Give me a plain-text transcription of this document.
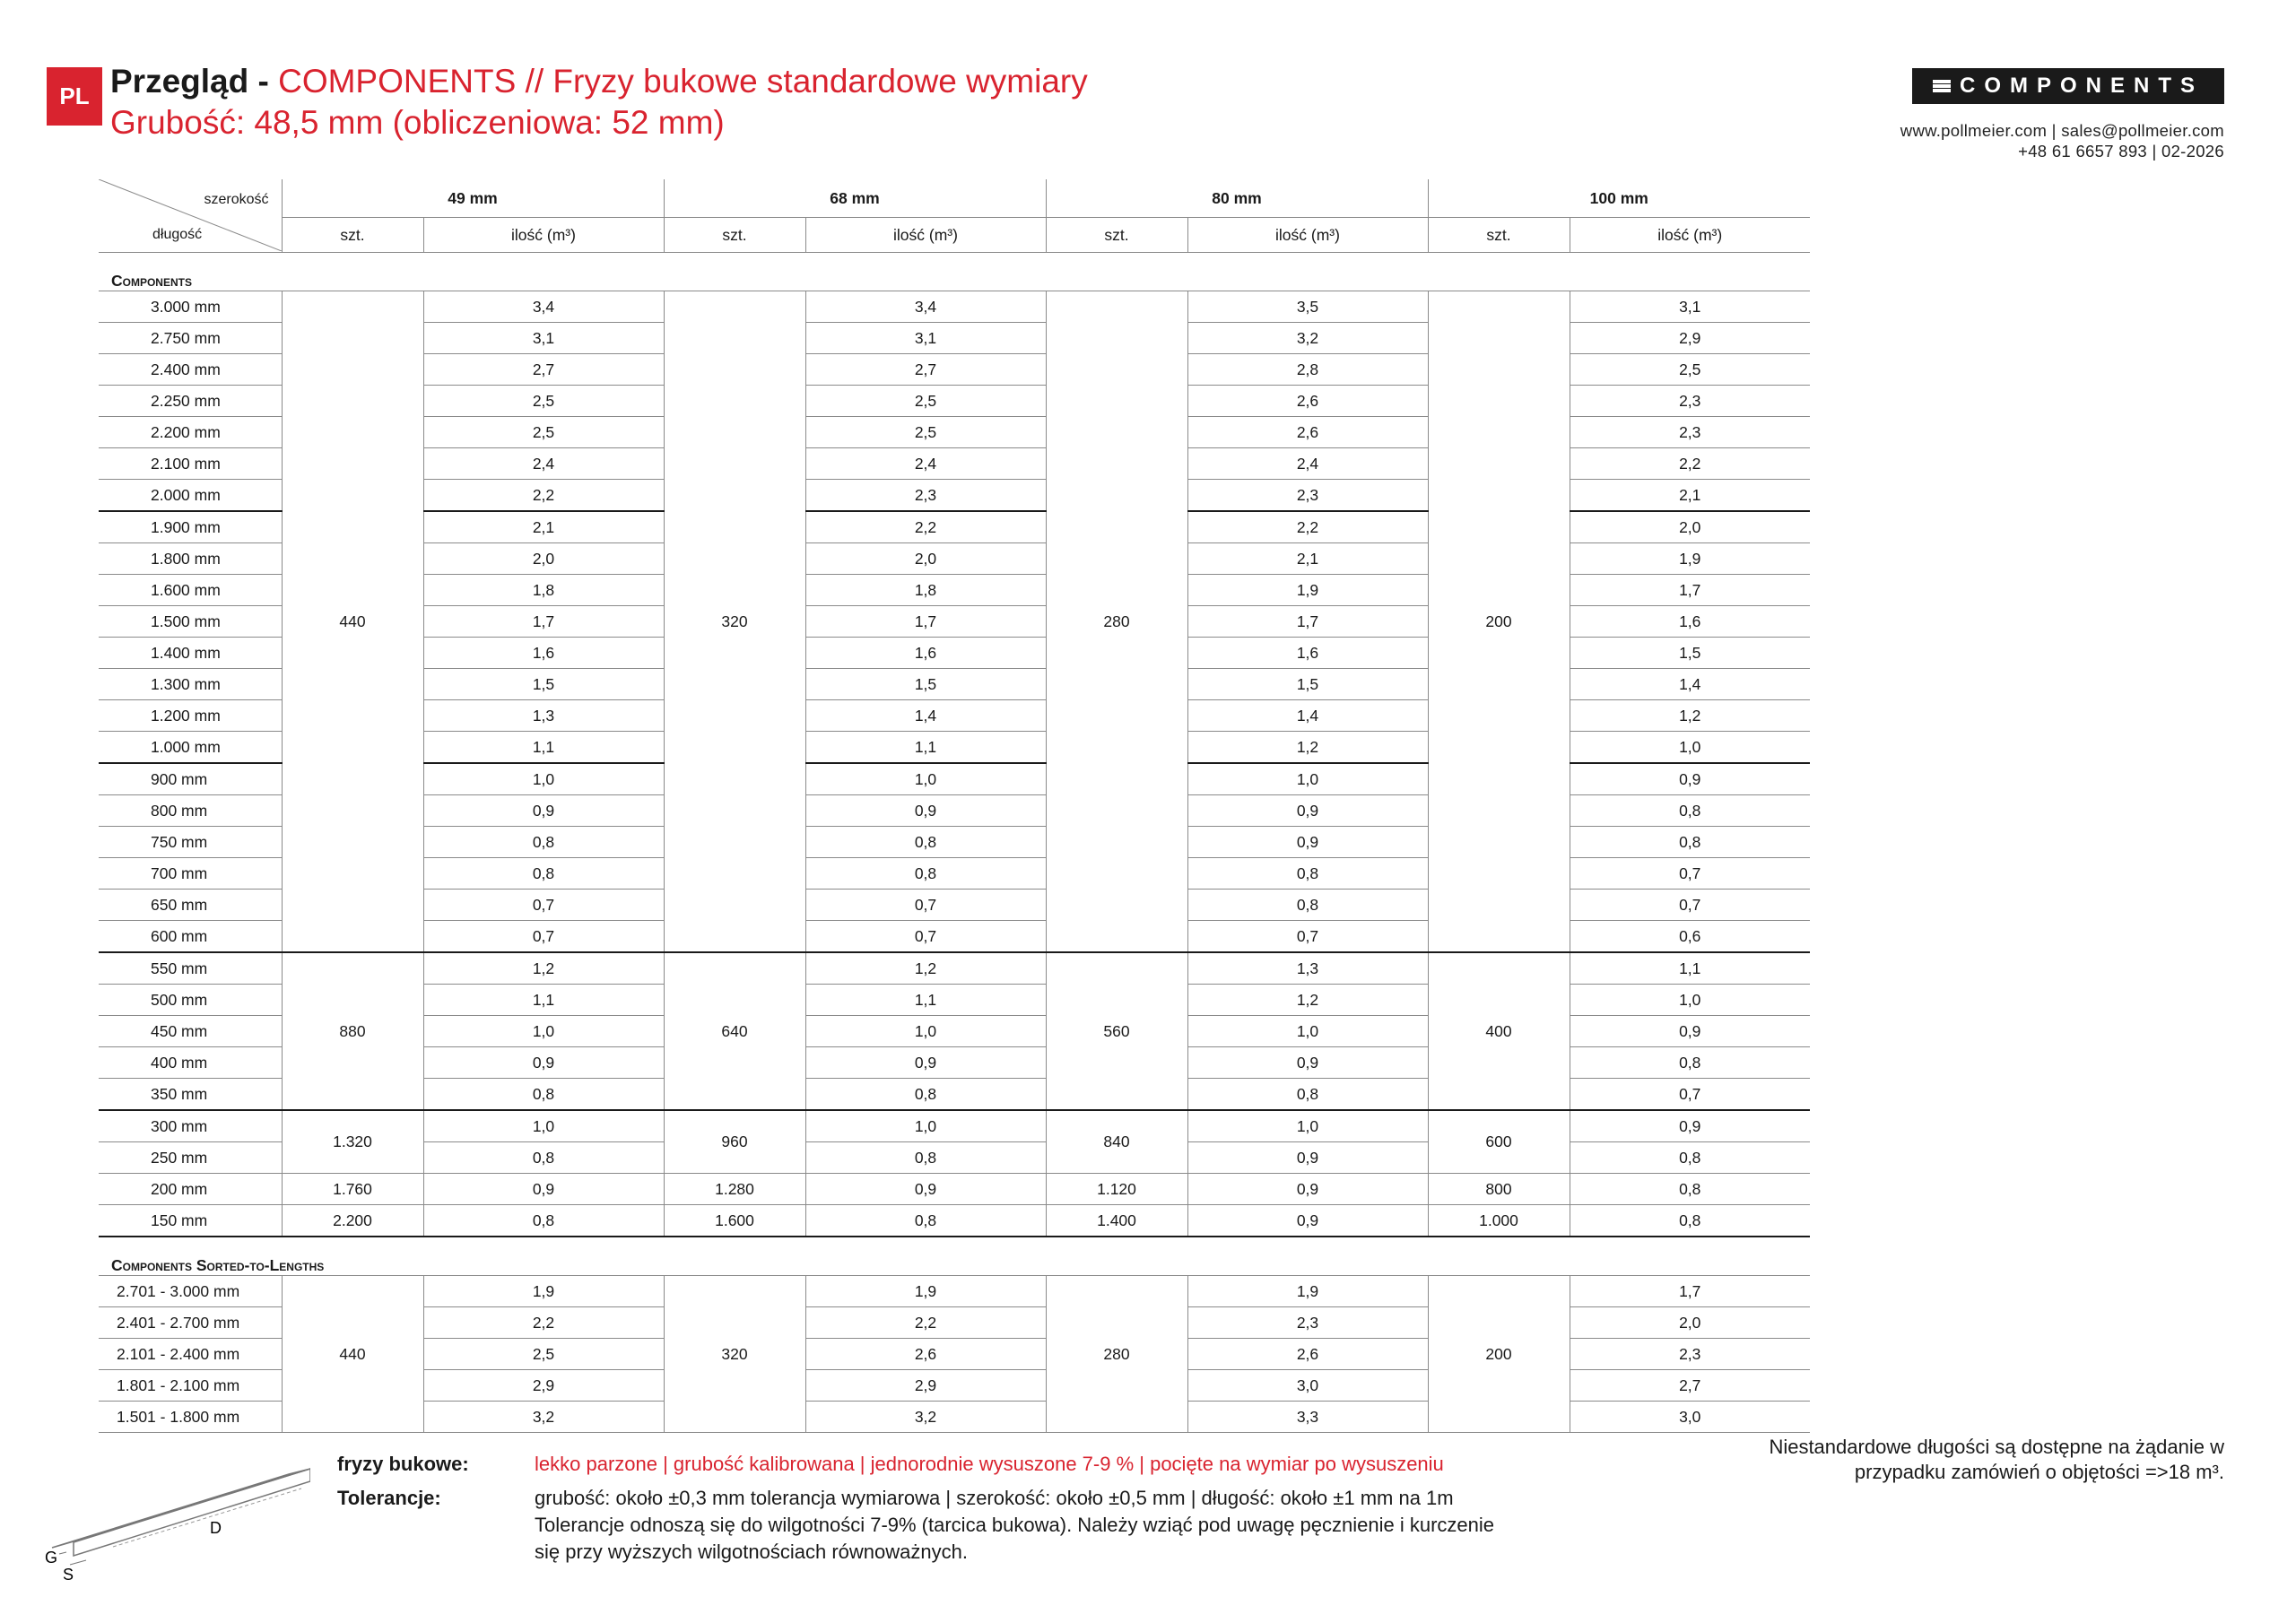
PL Przegląd - COMPONENTS // Fryzy bukowe standardowe wymiary
Grubość: 48,5 mm (obliczeniowa: 52 mm)
COMPONENTS
www.pollmeier.com | sales@pollmeier.com
+48 61 6657 893 | 02-2026
szerokość
długość	49 mm		68 mm		80 mm		100 mm	
	szt.	ilość (m³)	szt.	ilość (m³)	szt.	ilość (m³)	szt.	ilość (m³)
Components								
3.000 mm	440	3,4	320	3,4	280	3,5	200	3,1
2.750 mm		3,1		3,1		3,2		2,9
2.400 mm		2,7		2,7		2,8		2,5
2.250 mm		2,5		2,5		2,6		2,3
2.200 mm		2,5		2,5		2,6		2,3
2.100 mm		2,4		2,4		2,4		2,2
2.000 mm		2,2		2,3		2,3		2,1
1.900 mm		2,1		2,2		2,2		2,0
1.800 mm		2,0		2,0		2,1		1,9
1.600 mm		1,8		1,8		1,9		1,7
1.500 mm		1,7		1,7		1,7		1,6
1.400 mm		1,6		1,6		1,6		1,5
1.300 mm		1,5		1,5		1,5		1,4
1.200 mm		1,3		1,4		1,4		1,2
1.000 mm		1,1		1,1		1,2		1,0
900 mm		1,0		1,0		1,0		0,9
800 mm		0,9		0,9		0,9		0,8
750 mm		0,8		0,8		0,9		0,8
700 mm		0,8		0,8		0,8		0,7
650 mm		0,7		0,7		0,8		0,7
600 mm		0,7		0,7		0,7		0,6
550 mm	880	1,2	640	1,2	560	1,3	400	1,1
500 mm		1,1		1,1		1,2		1,0
450 mm		1,0		1,0		1,0		0,9
400 mm		0,9		0,9		0,9		0,8
350 mm		0,8		0,8		0,8		0,7
300 mm	1.320	1,0	960	1,0	840	1,0	600	0,9
250 mm		0,8		0,8		0,9		0,8
200 mm	1.760	0,9	1.280	0,9	1.120	0,9	800	0,8
150 mm	2.200	0,8	1.600	0,8	1.400	0,9	1.000	0,8
Components Sorted-to-Lengths								
2.701 - 3.000 mm	440	1,9	320	1,9	280	1,9	200	1,7
2.401 - 2.700 mm		2,2		2,2		2,3		2,0
2.101 - 2.400 mm		2,5		2,6		2,6		2,3
1.801 - 2.100 mm		2,9		2,9		3,0		2,7
1.501 - 1.800 mm		3,2		3,2		3,3		3,0
G
D
S
fryzy bukowe:	lekko parzone | grubość kalibrowana | jednorodnie wysuszone 7-9 % | pocięte na wymiar po wysuszeniu
Tolerancje:	grubość: około ±0,3 mm tolerancja wymiarowa | szerokość: około ±0,5 mm | długość: około ±1 mm na 1m
Tolerancje odnoszą się do wilgotności 7-9% (tarcica bukowa). Należy wziąć pod uwagę pęcznienie i kurczenie
się przy wyższych wilgotnościach równoważnych.
Niestandardowe długości są dostępne na żądanie w
przypadku zamówień o objętości =>18 m³.
